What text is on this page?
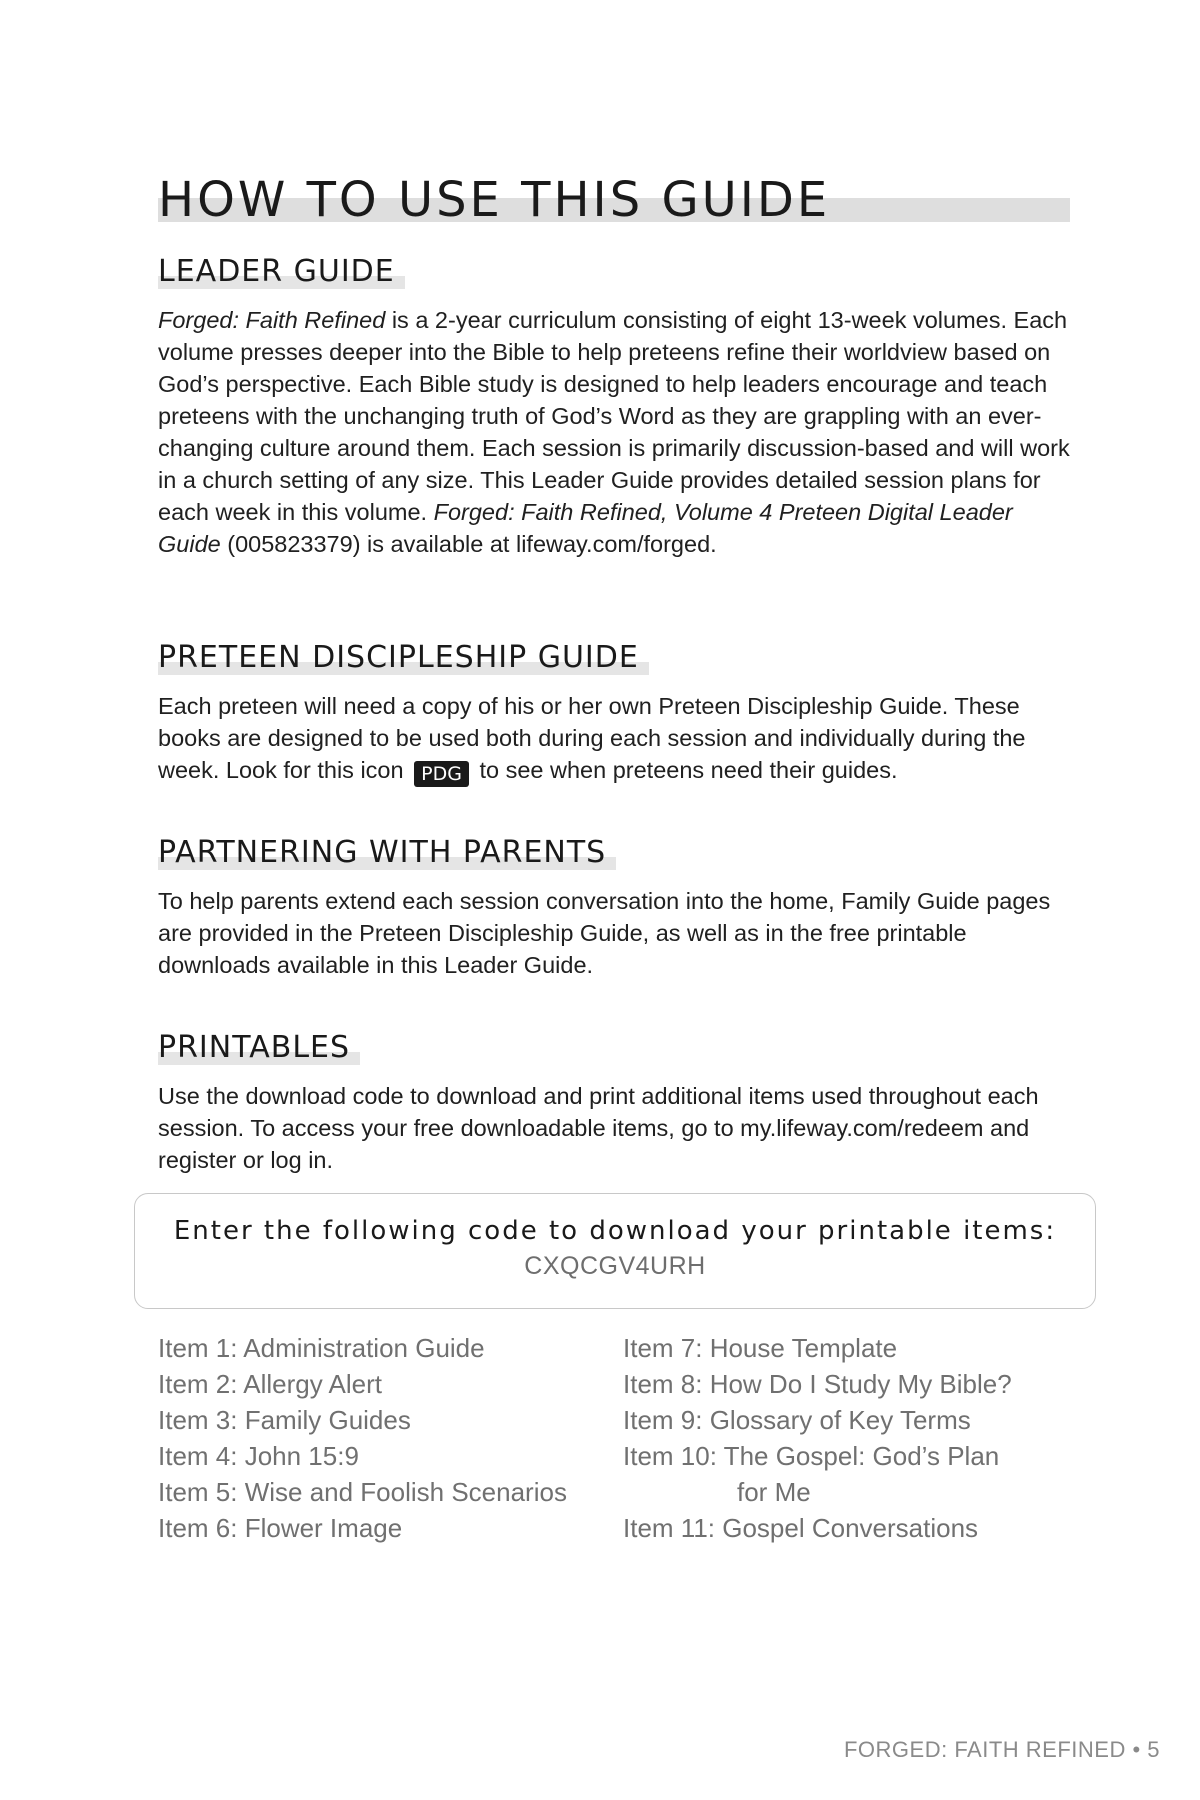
HOW TO USE THIS GUIDE
LEADER GUIDE

Forged: Faith Refined is a 2-year curriculum consisting of eight 13-week volumes. Each volume presses deeper into the Bible to help preteens refine their worldview based on God’s perspective. Each Bible study is designed to help leaders encourage and teach preteens with the unchanging truth of God’s Word as they are grappling with an ever-changing culture around them. Each session is primarily discussion-based and will work in a church setting of any size. This Leader Guide provides detailed session plans for each week in this volume. Forged: Faith Refined, Volume 4 Preteen Digital Leader Guide (005823379) is available at lifeway.com/forged.

PRETEEN DISCIPLESHIP GUIDE

Each preteen will need a copy of his or her own Preteen Discipleship Guide. These books are designed to be used both during each session and individually during the week. Look for this icon PDG to see when preteens need their guides.

PARTNERING WITH PARENTS

To help parents extend each session conversation into the home, Family Guide pages are provided in the Preteen Discipleship Guide, as well as in the free printable downloads available in this Leader Guide.

PRINTABLES

Use the download code to download and print additional items used throughout each session. To access your free downloadable items, go to my.lifeway.com/redeem and register or log in.

Enter the following code to download your printable items:
CXQCGV4URH
Item 1: Administration Guide
Item 2: Allergy Alert
Item 3: Family Guides
Item 4: John 15:9
Item 5: Wise and Foolish Scenarios
Item 6: Flower Image
Item 7: House Template
Item 8: How Do I Study My Bible?
Item 9: Glossary of Key Terms
Item 10: The Gospel: God’s Plan
for Me
Item 11: Gospel Conversations
FORGED: FAITH REFINED • 5
